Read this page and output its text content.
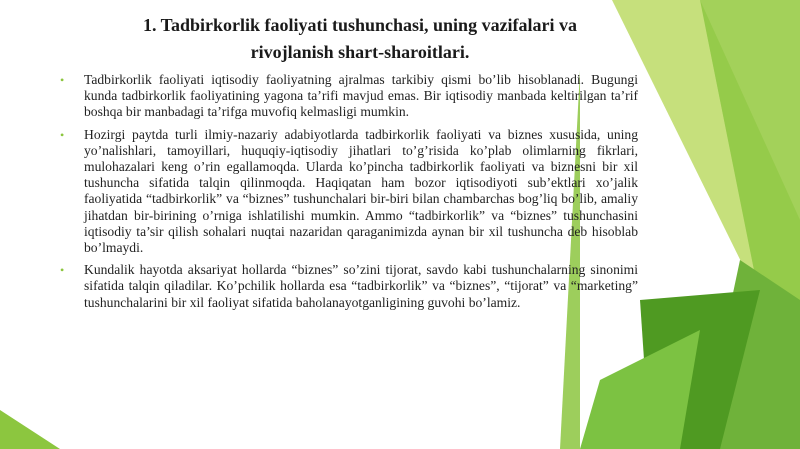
1. Tadbirkorlik faoliyati tushunchasi, uning vazifalari va
rivojlanish shart-sharoitlari.
• Tadbirkorlik faoliyati iqtisodiy faoliyatning ajralmas tarkibiy qismi bo’lib hisoblanadi. Bugungi kunda tadbirkorlik faoliyatining yagona ta’rifi mavjud emas. Bir iqtisodiy manbada keltirilgan ta’rif boshqa bir manbadagi ta’rifga muvofiq kelmasligi mumkin.
• Hozirgi paytda turli ilmiy-nazariy adabiyotlarda tadbirkorlik faoliyati va biznes xususida, uning yo’nalishlari, tamoyillari, huquqiy-iqtisodiy jihatlari to’g’risida ko’plab olimlarning fikrlari, mulohazalari keng o’rin egallamoqda. Ularda ko’pincha tadbirkorlik faoliyati va biznesni bir xil tushuncha sifatida talqin qilinmoqda. Haqiqatan ham bozor iqtisodiyoti sub’ektlari xo’jalik faoliyatida “tadbirkorlik” va “biznes” tushunchalari bir-biri bilan chambarchas bog’liq bo’lib, amaliy jihatdan bir-birining o’rniga ishlatilishi mumkin. Ammo “tadbirkorlik” va “biznes” tushunchasini iqtisodiy ta’sir qilish sohalari nuqtai nazaridan qaraganimizda aynan bir xil tushuncha deb hisoblab bo’lmaydi.
• Kundalik hayotda aksariyat hollarda “biznes” so’zini tijorat, savdo kabi tushunchalarning sinonimi sifatida talqin qiladilar. Ko’pchilik hollarda esa “tadbirkorlik” va “biznes”, “tijorat” va “marketing” tushunchalarini bir xil faoliyat sifatida baholanayotganligining guvohi bo’lamiz.
